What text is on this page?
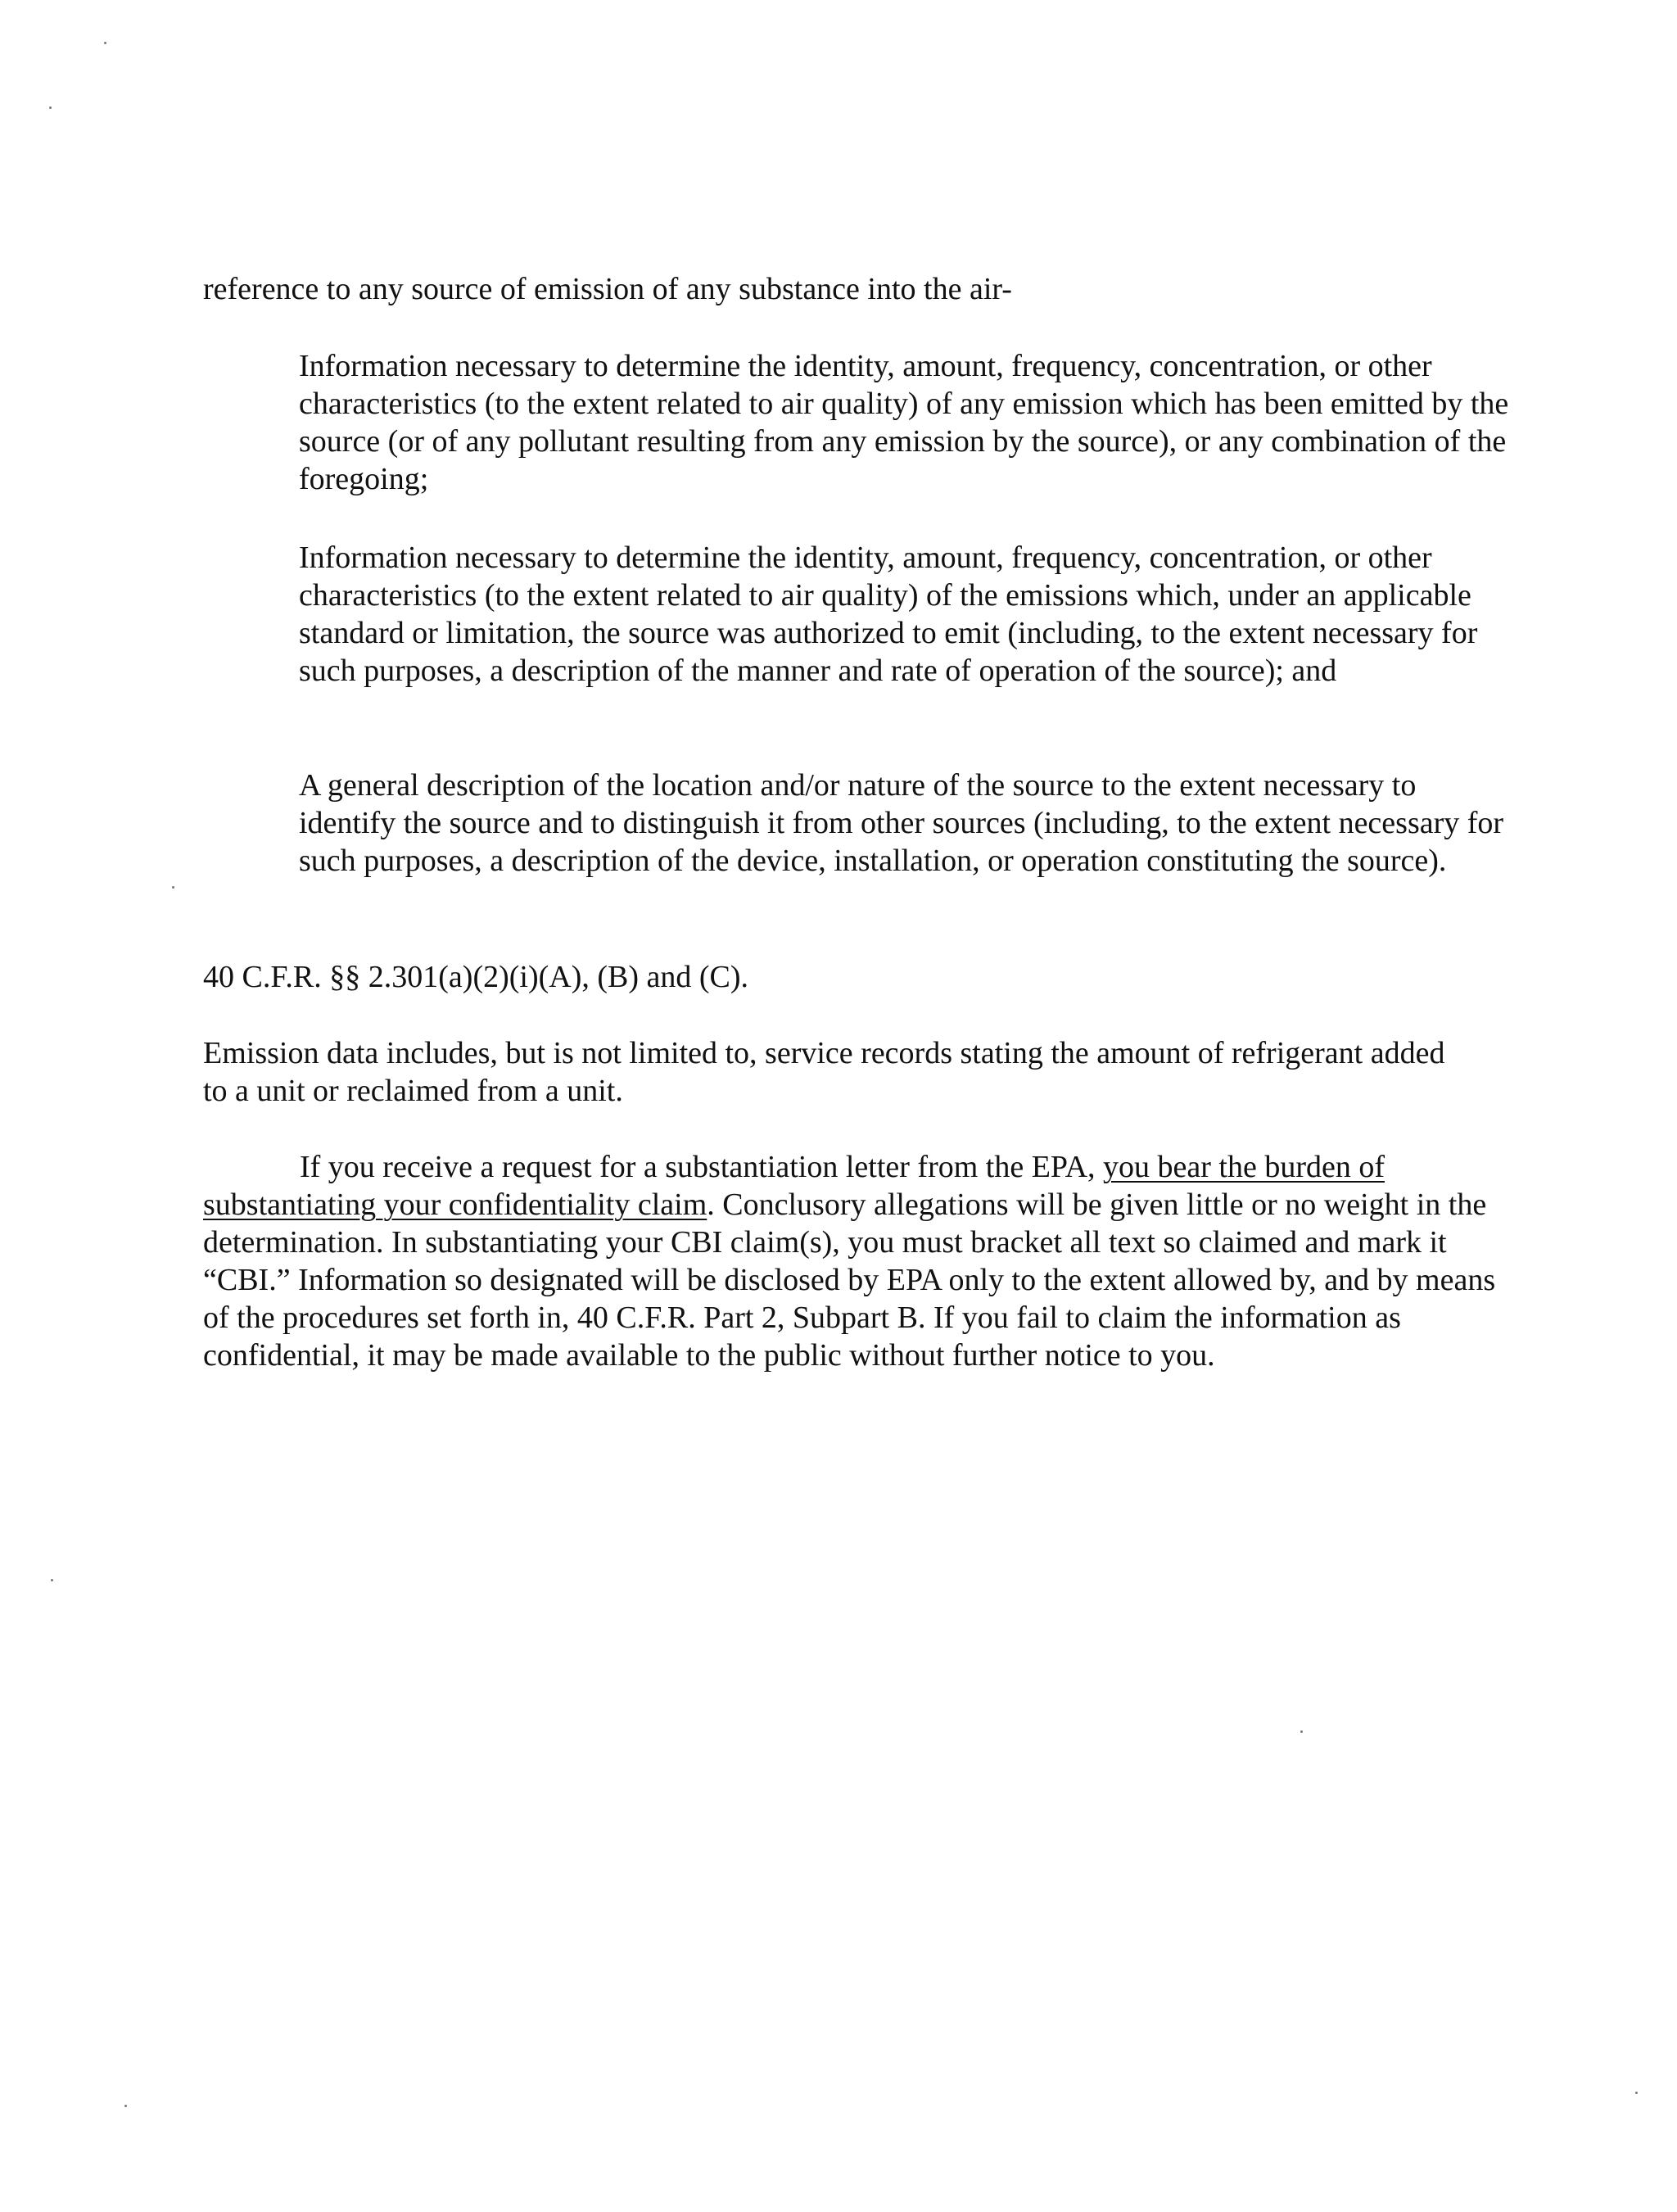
reference to any source of emission of any substance into the air-

Information necessary to determine the identity, amount, frequency, concentration, or other characteristics (to the extent related to air quality) of any emission which has been emitted by the source (or of any pollutant resulting from any emission by the source), or any combination of the foregoing;

Information necessary to determine the identity, amount, frequency, concentration, or other characteristics (to the extent related to air quality) of the emissions which, under an applicable standard or limitation, the source was authorized to emit (including, to the extent necessary for such purposes, a description of the manner and rate of operation of the source); and

A general description of the location and/or nature of the source to the extent necessary to identify the source and to distinguish it from other sources (including, to the extent necessary for such purposes, a description of the device, installation, or operation constituting the source).

40 C.F.R. §§ 2.301(a)(2)(i)(A), (B) and (C).

Emission data includes, but is not limited to, service records stating the amount of refrigerant added to a unit or reclaimed from a unit.

If you receive a request for a substantiation letter from the EPA, you bear the burden of substantiating your confidentiality claim. Conclusory allegations will be given little or no weight in the determination. In substantiating your CBI claim(s), you must bracket all text so claimed and mark it “CBI.” Information so designated will be disclosed by EPA only to the extent allowed by, and by means of the procedures set forth in, 40 C.F.R. Part 2, Subpart B. If you fail to claim the information as confidential, it may be made available to the public without further notice to you.
